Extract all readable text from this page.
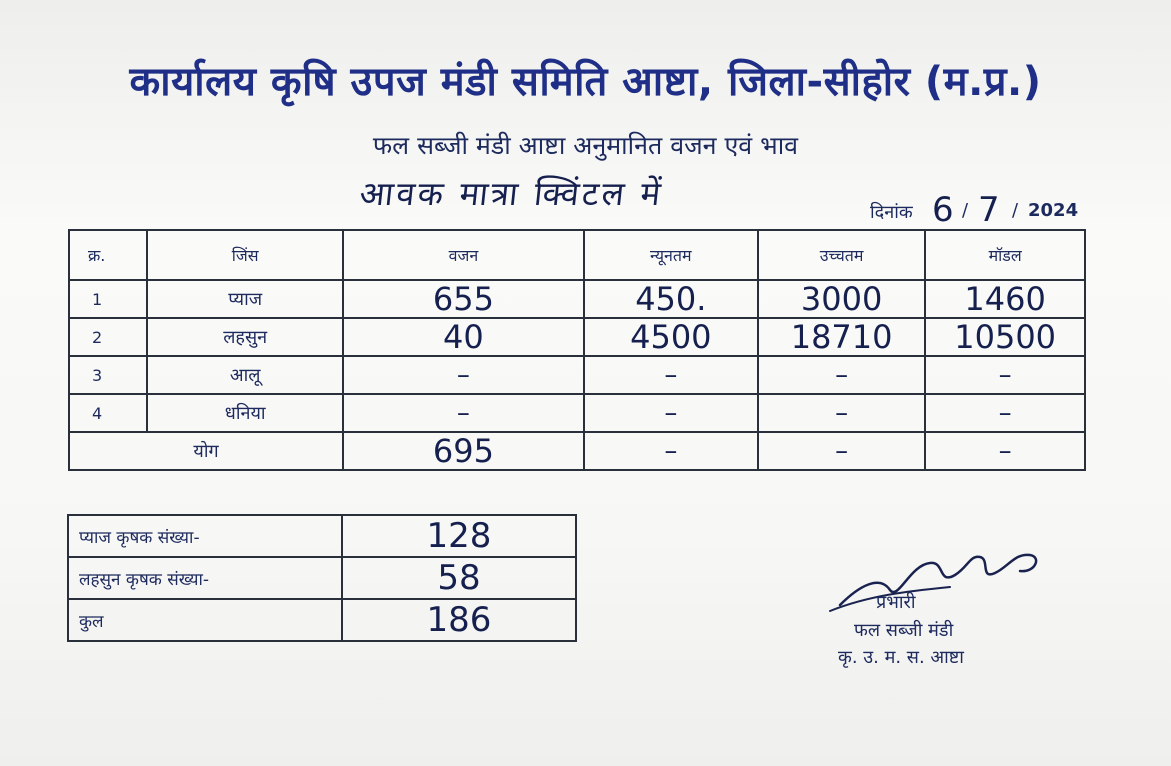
कार्यालय कृषि उपज मंडी समिति आष्टा, जिला-सीहोर (म.प्र.)
फल सब्जी मंडी आष्टा अनुमानित वजन एवं भाव
आवक मात्रा क्विंटल में	दिनांक 6 / 7 / 2024
क्र.	जिंस	वजन	न्यूनतम	उच्चतम	मॉडल
1	प्याज	655	450.	3000	1460
2	लहसुन	40	4500	18710	10500
3	आलू	–	–	–	–
4	धनिया	–	–	–	–
योग		695	–	–	–
प्याज कृषक संख्या-	128
लहसुन कृषक संख्या-	58
कुल	186	प्रभारी
फल सब्जी मंडी
कृ. उ. म. स. आष्टा
